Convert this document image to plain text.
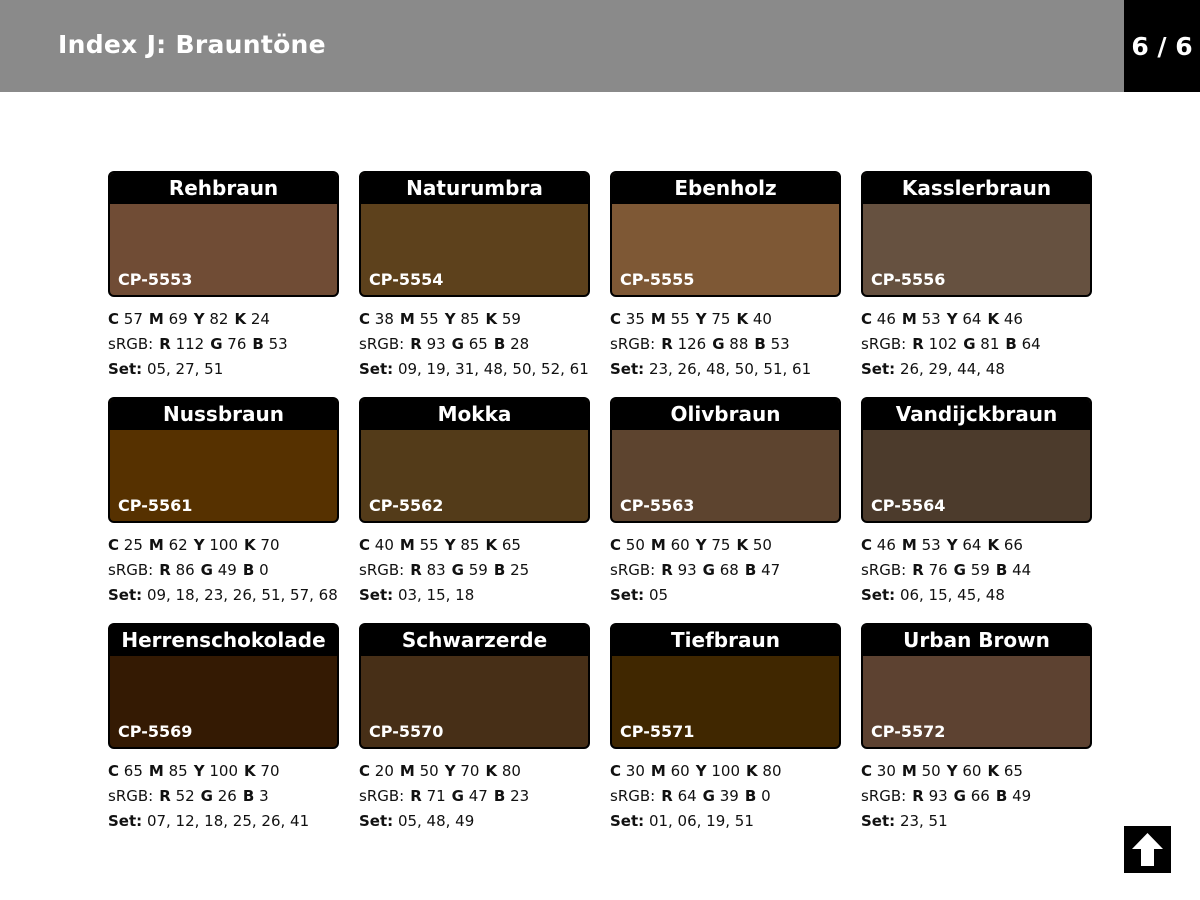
Index J: Brauntöne	6 / 6
Rehbraun
CP-5553
C 57 M 69 Y 82 K 24
sRGB: R 112 G 76 B 53
Set: 05, 27, 51
Naturumbra
CP-5554
C 38 M 55 Y 85 K 59
sRGB: R 93 G 65 B 28
Set: 09, 19, 31, 48, 50, 52, 61
Ebenholz
CP-5555
C 35 M 55 Y 75 K 40
sRGB: R 126 G 88 B 53
Set: 23, 26, 48, 50, 51, 61
Kasslerbraun
CP-5556
C 46 M 53 Y 64 K 46
sRGB: R 102 G 81 B 64
Set: 26, 29, 44, 48
Nussbraun
CP-5561
C 25 M 62 Y 100 K 70
sRGB: R 86 G 49 B 0
Set: 09, 18, 23, 26, 51, 57, 68
Mokka
CP-5562
C 40 M 55 Y 85 K 65
sRGB: R 83 G 59 B 25
Set: 03, 15, 18
Olivbraun
CP-5563
C 50 M 60 Y 75 K 50
sRGB: R 93 G 68 B 47
Set: 05
Vandijckbraun
CP-5564
C 46 M 53 Y 64 K 66
sRGB: R 76 G 59 B 44
Set: 06, 15, 45, 48
Herrenschokolade
CP-5569
C 65 M 85 Y 100 K 70
sRGB: R 52 G 26 B 3
Set: 07, 12, 18, 25, 26, 41
Schwarzerde
CP-5570
C 20 M 50 Y 70 K 80
sRGB: R 71 G 47 B 23
Set: 05, 48, 49
Tiefbraun
CP-5571
C 30 M 60 Y 100 K 80
sRGB: R 64 G 39 B 0
Set: 01, 06, 19, 51
Urban Brown
CP-5572
C 30 M 50 Y 60 K 65
sRGB: R 93 G 66 B 49
Set: 23, 51
